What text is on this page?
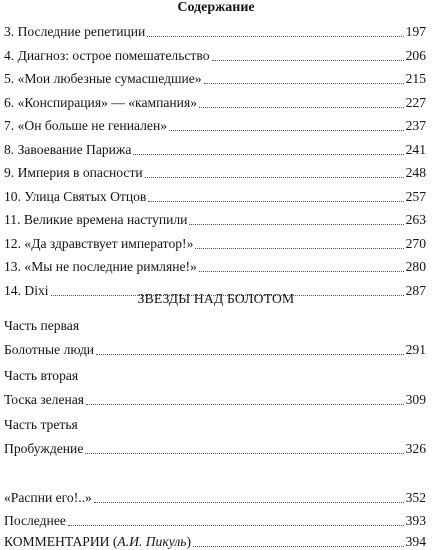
Содержание
3. Последние репетиции	197
4. Диагноз: острое помешательство	206
5. «Мои любезные сумасшедшие»	215
6. «Конспирация» — «кампания»	227
7. «Он больше не гениален»	237
8. Завоевание Парижа	241
9. Империя в опасности	248
10. Улица Святых Отцов	257
11. Великие времена наступили	263
12. «Да здравствует император!»	270
13. «Мы не последние римляне!»	280
14. Dixi	287
ЗВЕЗДЫ НАД БОЛОТОМ
Часть первая
Болотные люди	291
Часть вторая
Тоска зеленая	309
Часть третья
Пробуждение	326
«Распни его!..»	352
Последнее	393
КОММЕНТАРИИ (А.И. Пикуль)	394
